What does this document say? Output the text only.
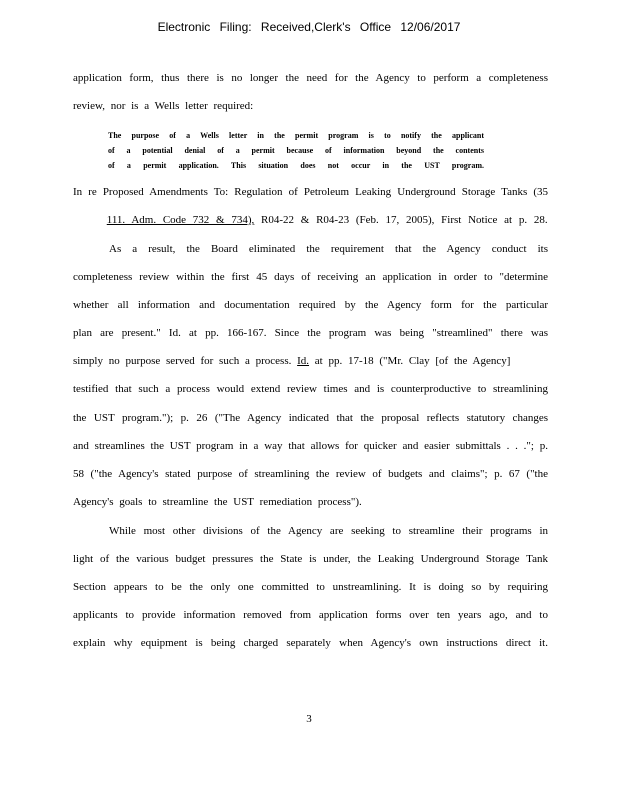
Electronic Filing: Received,Clerk's Office 12/06/2017
application form, thus there is no longer the need for the Agency to perform a completeness
review, nor is a Wells letter required:
The purpose of a Wells letter in the permit program is to notify the applicant
of a potential denial of a permit because of information beyond the contents
of a permit application. This situation does not occur in the UST program.
In re Proposed Amendments To: Regulation of Petroleum Leaking Underground Storage Tanks (35
111. Adm. Code 732 & 734), R04-22 & R04-23 (Feb. 17, 2005), First Notice at p. 28.
As a result, the Board eliminated the requirement that the Agency conduct its
completeness review within the first 45 days of receiving an application in order to "determine
whether all information and documentation required by the Agency form for the particular
plan are present." Id. at pp. 166-167. Since the program was being "streamlined" there was
simply no purpose served for such a process. Id. at pp. 17-18 ("Mr. Clay [of the Agency]
testified that such a process would extend review times and is counterproductive to streamlining
the UST program."); p. 26 ("The Agency indicated that the proposal reflects statutory changes
and streamlines the UST program in a way that allows for quicker and easier submittals . . ."; p.
58 ("the Agency's stated purpose of streamlining the review of budgets and claims"; p. 67 ("the
Agency's goals to streamline the UST remediation process").
While most other divisions of the Agency are seeking to streamline their programs in
light of the various budget pressures the State is under, the Leaking Underground Storage Tank
Section appears to be the only one committed to unstreamlining. It is doing so by requiring
applicants to provide information removed from application forms over ten years ago, and to
explain why equipment is being charged separately when Agency's own instructions direct it.
3
